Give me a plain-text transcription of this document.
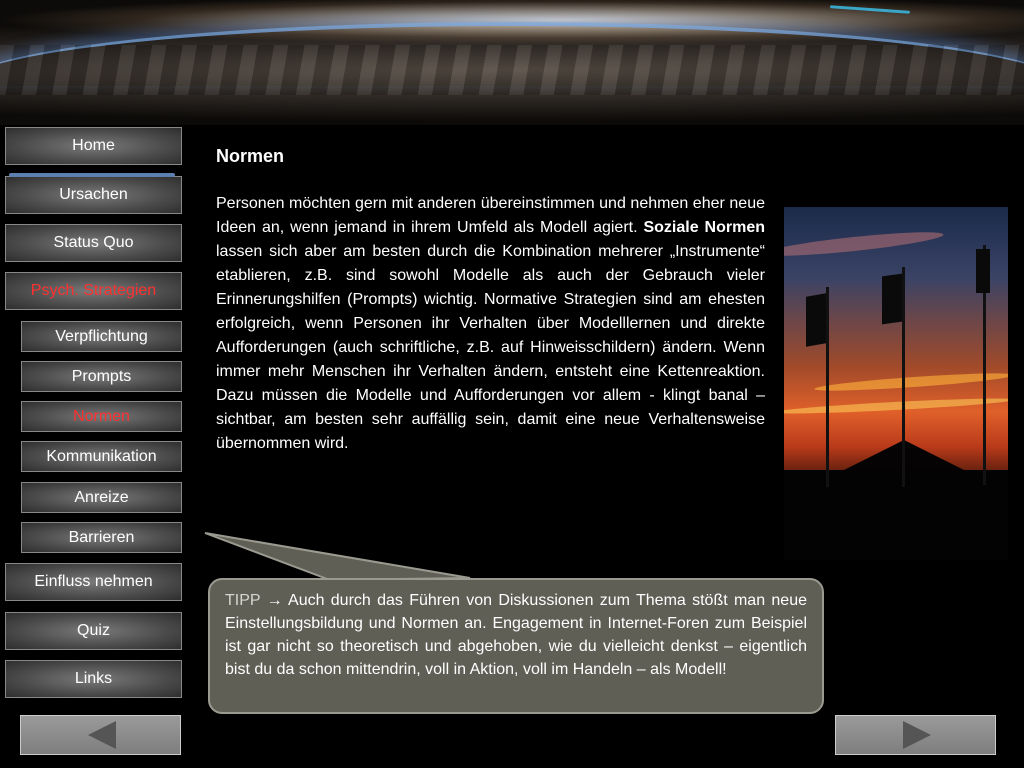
Home
Ursachen
Status Quo
Psych. Strategien
Verpflichtung
Prompts
Normen
Kommunikation
Anreize
Barrieren
Einfluss nehmen
Quiz
Links
Normen
Personen möchten gern mit anderen übereinstimmen und nehmen eher neue Ideen an, wenn jemand in ihrem Umfeld als Modell agiert. Soziale Normen lassen sich aber am besten durch die Kombination mehrerer „Instrumente“ etablieren, z.B. sind sowohl Modelle als auch der Gebrauch vieler Erinnerungshilfen (Prompts) wichtig. Normative Strategien sind am ehesten erfolgreich, wenn Personen ihr Verhalten über Modelllernen und direkte Aufforderungen (auch schriftliche, z.B. auf Hinweisschildern) ändern. Wenn immer mehr Menschen ihr Verhalten ändern, entsteht eine Kettenreaktion. Dazu müssen die Modelle und Aufforderungen vor allem - klingt banal – sichtbar, am besten sehr auffällig sein, damit eine neue Verhaltensweise übernommen wird.
TIPP → Auch durch das Führen von Diskussionen zum Thema stößt man neue Einstellungsbildung und Normen an. Engagement in Internet-Foren zum Beispiel ist gar nicht so theoretisch und abgehoben, wie du vielleicht denkst – eigentlich bist du da schon mittendrin, voll in Aktion, voll im Handeln – als Modell!
